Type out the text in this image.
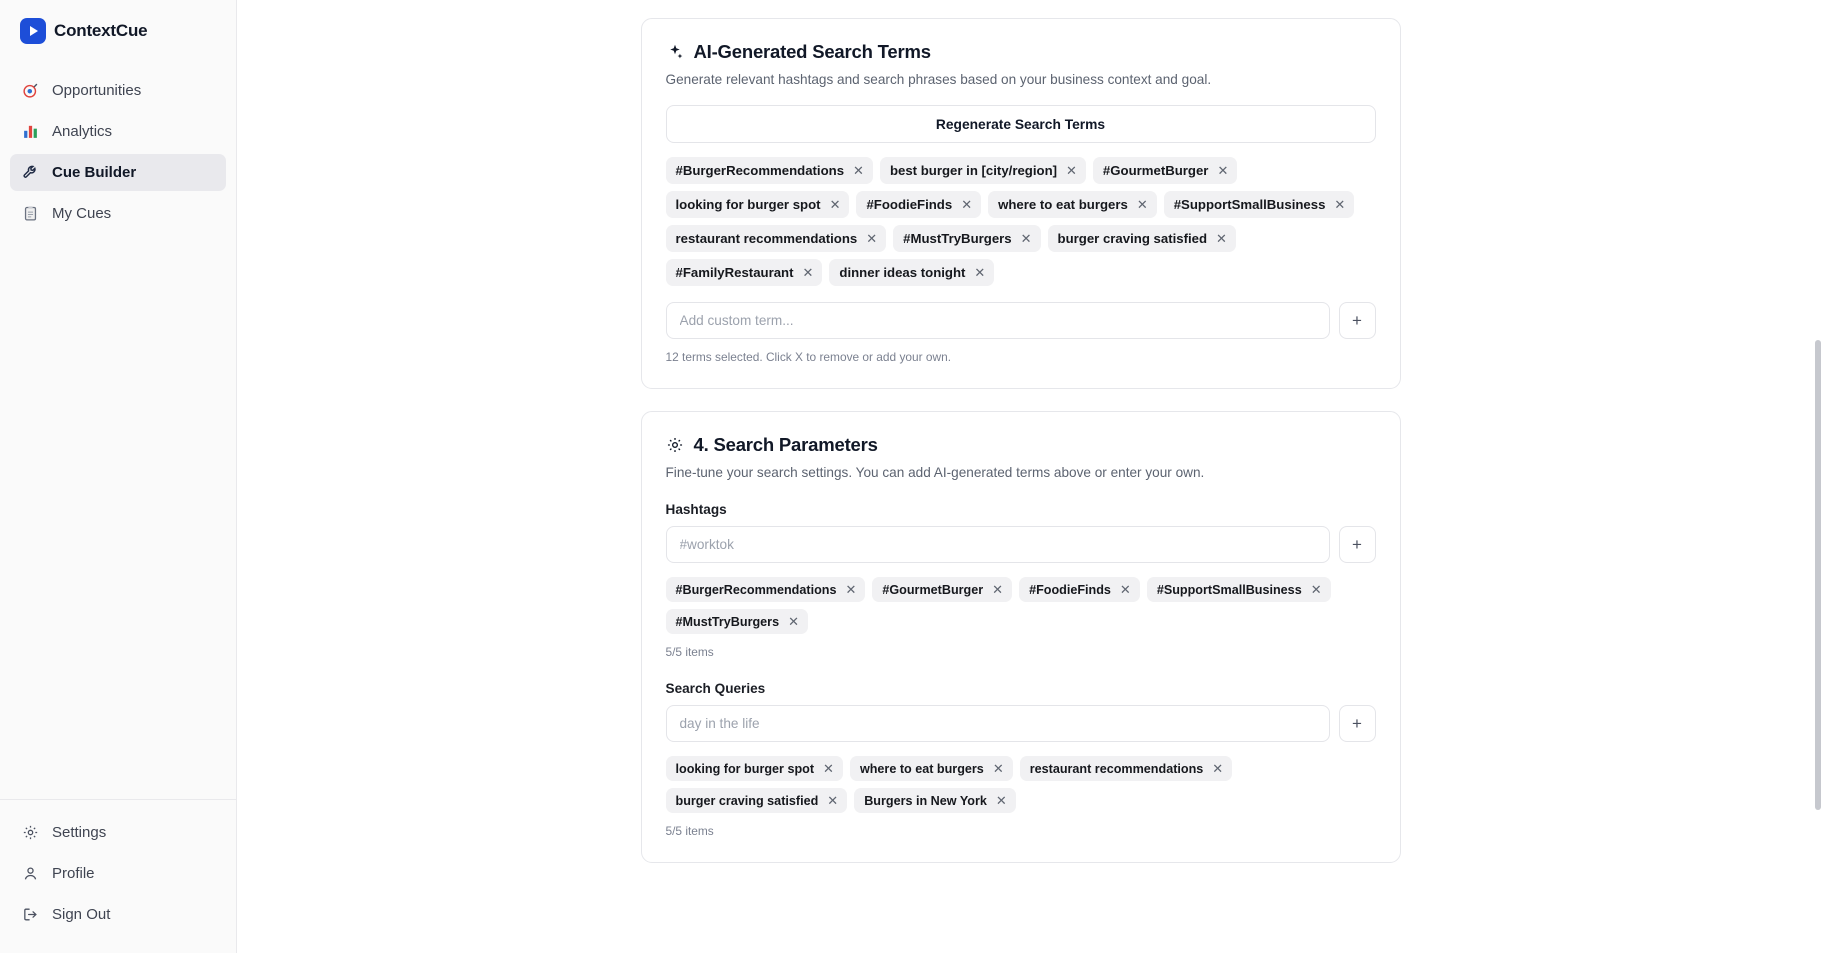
ContextCue
Opportunities
Analytics
Cue Builder
My Cues
Settings
Profile
Sign Out
AI-Generated Search Terms
Generate relevant hashtags and search phrases based on your business context and goal.
Regenerate Search Terms
#BurgerRecommendations ✕ best burger in [city/region] ✕ #GourmetBurger ✕
looking for burger spot ✕ #FoodieFinds ✕ where to eat burgers ✕ #SupportSmallBusiness ✕
restaurant recommendations ✕ #MustTryBurgers ✕ burger craving satisfied ✕
#FamilyRestaurant ✕ dinner ideas tonight ✕
Add custom term...
+
12 terms selected. Click X to remove or add your own.
4. Search Parameters
Fine-tune your search settings. You can add AI-generated terms above or enter your own.
Hashtags
#worktok
+
#BurgerRecommendations ✕ #GourmetBurger ✕ #FoodieFinds ✕ #SupportSmallBusiness ✕
#MustTryBurgers ✕
5/5 items
Search Queries
day in the life
+
looking for burger spot ✕ where to eat burgers ✕ restaurant recommendations ✕
burger craving satisfied ✕ Burgers in New York ✕
5/5 items
